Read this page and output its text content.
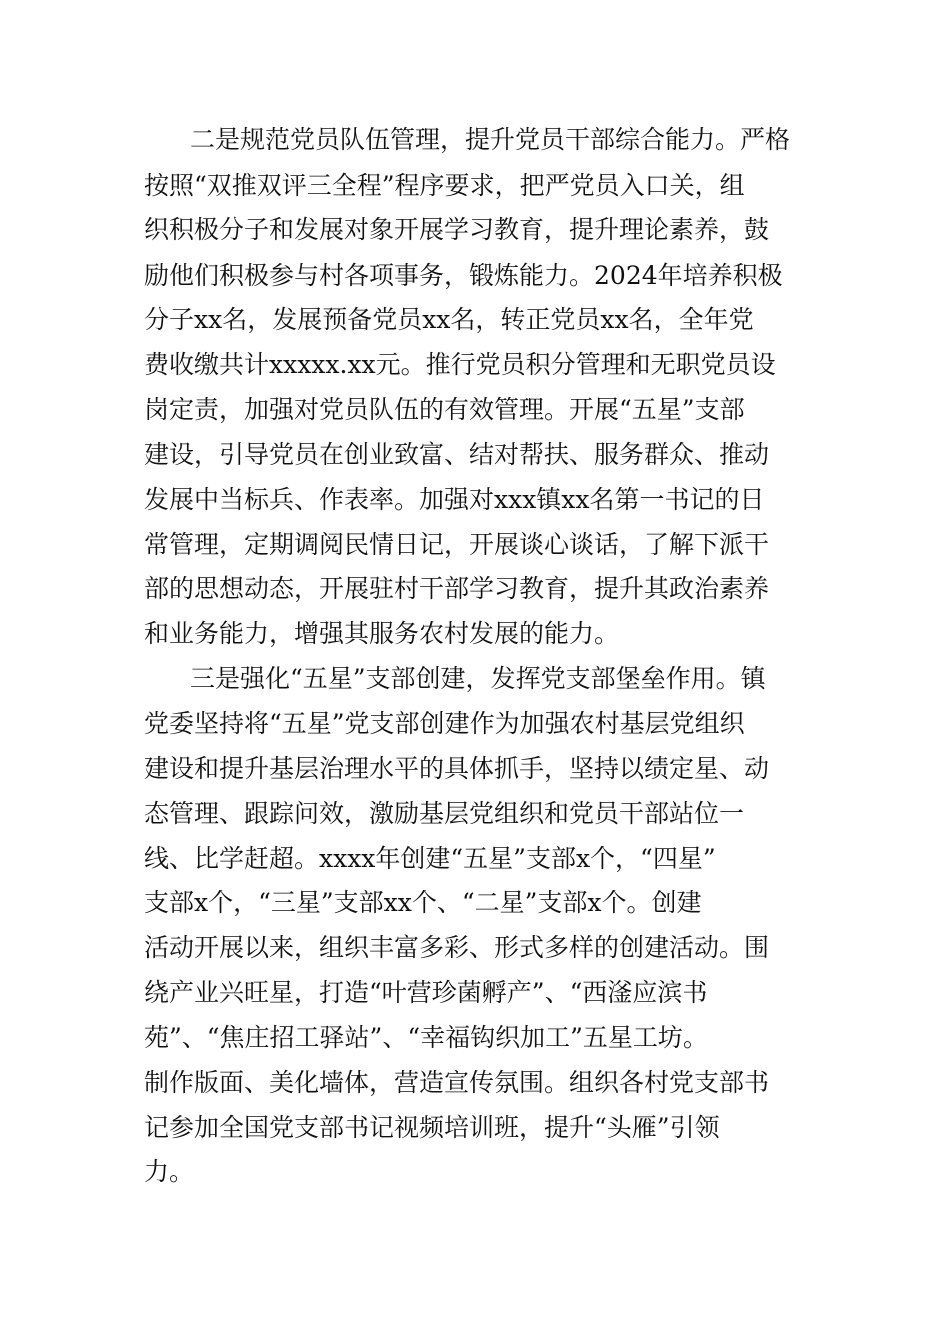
二是规范党员队伍管理，提升党员干部综合能力。严格

按照“双推双评三全程”程序要求，把严党员入口关，组

织积极分子和发展对象开展学习教育，提升理论素养，鼓

励他们积极参与村各项事务，锻炼能力。2024年培养积极

分子xx名，发展预备党员xx名，转正党员xx名，全年党

费收缴共计xxxxx.xx元。推行党员积分管理和无职党员设

岗定责，加强对党员队伍的有效管理。开展“五星”支部

建设，引导党员在创业致富、结对帮扶、服务群众、推动

发展中当标兵、作表率。加强对xxx镇xx名第一书记的日

常管理，定期调阅民情日记，开展谈心谈话，了解下派干

部的思想动态，开展驻村干部学习教育，提升其政治素养

和业务能力，增强其服务农村发展的能力。

三是强化“五星”支部创建，发挥党支部堡垒作用。镇

党委坚持将“五星”党支部创建作为加强农村基层党组织

建设和提升基层治理水平的具体抓手，坚持以绩定星、动

态管理、跟踪问效，激励基层党组织和党员干部站位一

线、比学赶超。xxxx年创建“五星”支部x个，“四星”

支部x个，“三星”支部xx个、“二星”支部x个。创建

活动开展以来，组织丰富多彩、形式多样的创建活动。围

绕产业兴旺星，打造“叶营珍菌孵产”、“西滏应滨书

苑”、“焦庄招工驿站”、“幸福钩织加工”五星工坊。

制作版面、美化墙体，营造宣传氛围。组织各村党支部书

记参加全国党支部书记视频培训班，提升“头雁”引领

力。
